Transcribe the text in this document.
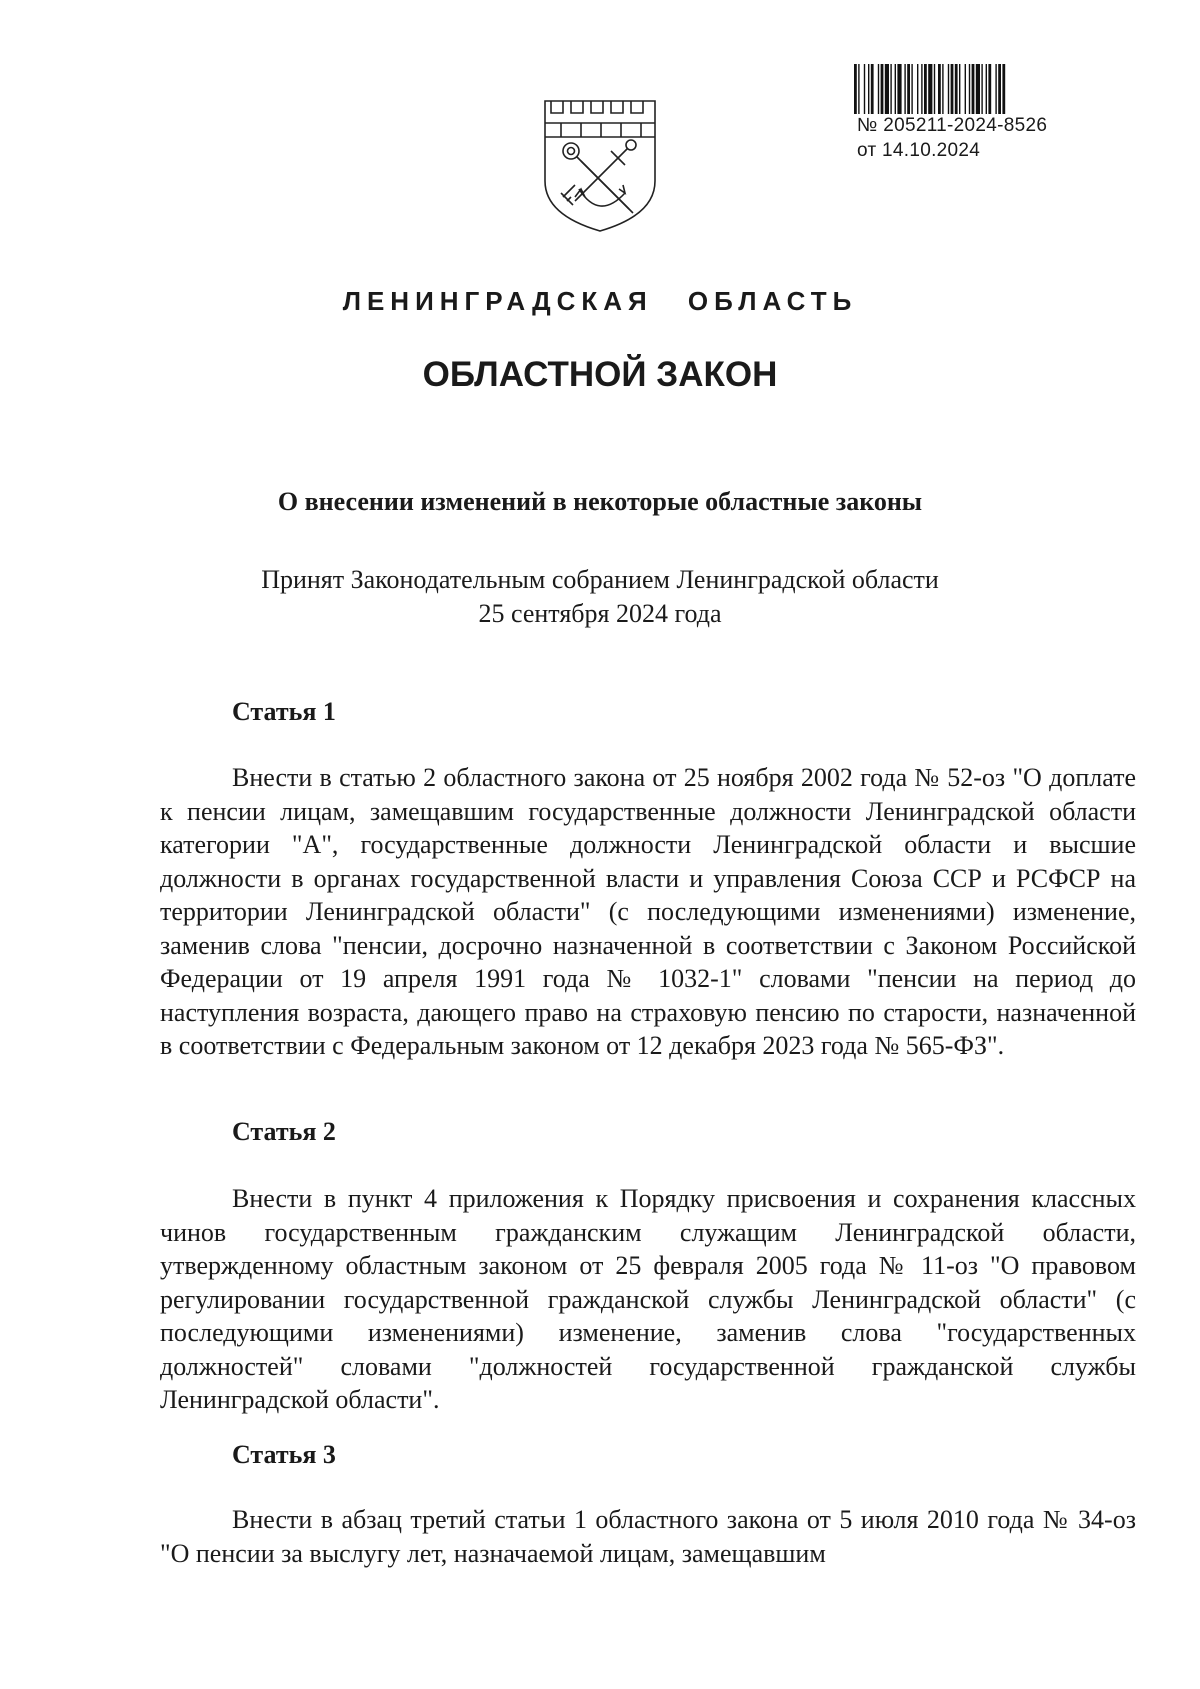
№ 205211-2024-8526
от 14.10.2024
ЛЕНИНГРАДСКАЯ ОБЛАСТЬ
ОБЛАСТНОЙ ЗАКОН
О внесении изменений в некоторые областные законы
Принят Законодательным собранием Ленинградской области
25 сентября 2024 года
Статья 1
Внести в статью 2 областного закона от 25 ноября 2002 года № 52-оз "О доплате к пенсии лицам, замещавшим государственные должности Ленинградской области категории "А", государственные должности Ленинградской области и высшие должности в органах государственной власти и управления Союза ССР и РСФСР на территории Ленинградской области" (с последующими изменениями) изменение, заменив слова "пенсии, досрочно назначенной в соответствии с Законом Российской Федерации от 19 апреля 1991 года № 1032-1" словами "пенсии на период до наступления возраста, дающего право на страховую пенсию по старости, назначенной в соответствии с Федеральным законом от 12 декабря 2023 года № 565-ФЗ".
Статья 2
Внести в пункт 4 приложения к Порядку присвоения и сохранения классных чинов государственным гражданским служащим Ленинградской области, утвержденному областным законом от 25 февраля 2005 года № 11-оз "О правовом регулировании государственной гражданской службы Ленинградской области" (с последующими изменениями) изменение, заменив слова "государственных должностей" словами "должностей государственной гражданской службы Ленинградской области".
Статья 3
Внести в абзац третий статьи 1 областного закона от 5 июля 2010 года № 34-оз "О пенсии за выслугу лет, назначаемой лицам, замещавшим
